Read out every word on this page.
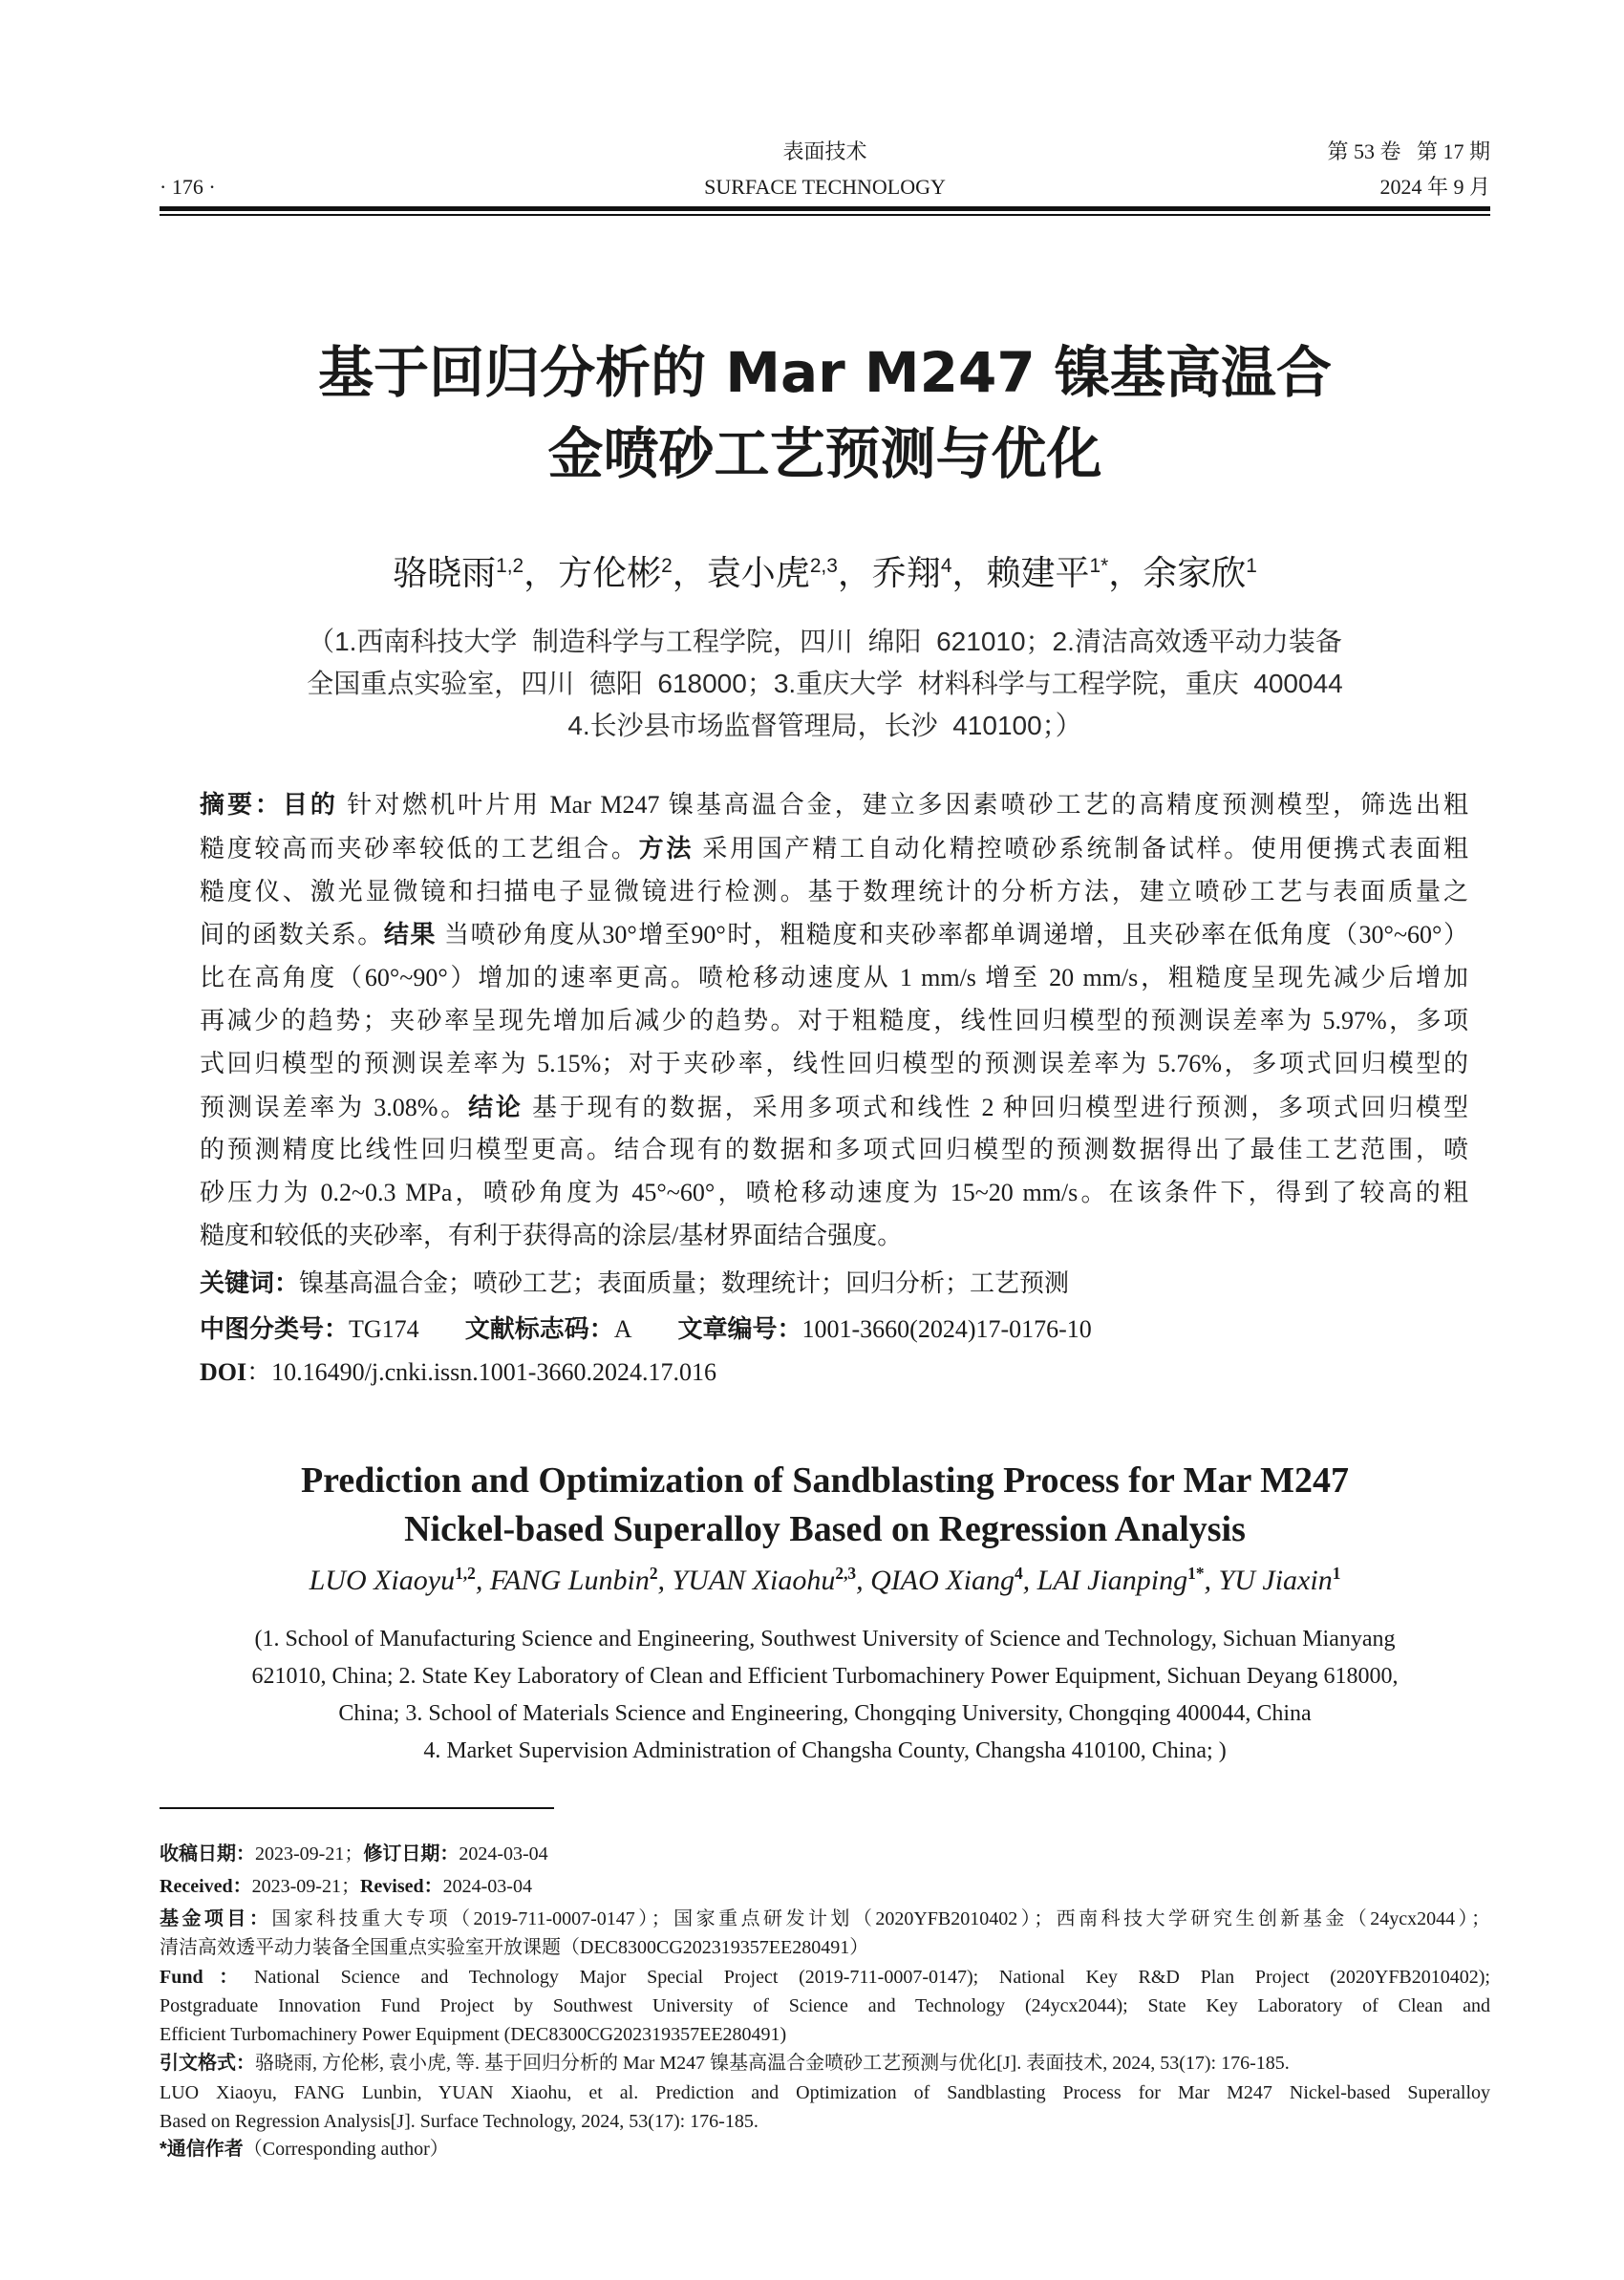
· 176 ·
表面技术
SURFACE TECHNOLOGY
第 53 卷   第 17 期
2024 年 9 月
基于回归分析的 Mar M247 镍基高温合
金喷砂工艺预测与优化
骆晓雨$^{1,2}$，方伦彬$^2$，袁小虎$^{2,3}$，乔翔$^4$，赖建平$^{1*}$，余家欣$^1$
（1.西南科技大学  制造科学与工程学院，四川  绵阳  621010；2.清洁高效透平动力装备
全国重点实验室，四川  德阳  618000；3.重庆大学  材料科学与工程学院，重庆  400044
4.长沙县市场监督管理局，长沙  410100；）
摘要：目的 针对燃机叶片用 Mar M247 镍基高温合金，建立多因素喷砂工艺的高精度预测模型，筛选出粗
糙度较高而夹砂率较低的工艺组合。方法 采用国产精工自动化精控喷砂系统制备试样。使用便携式表面粗
糙度仪、激光显微镜和扫描电子显微镜进行检测。基于数理统计的分析方法，建立喷砂工艺与表面质量之
间的函数关系。结果 当喷砂角度从30°增至90°时，粗糙度和夹砂率都单调递增，且夹砂率在低角度（30°~60°）
比在高角度（60°~90°）增加的速率更高。喷枪移动速度从 1 mm/s 增至 20 mm/s，粗糙度呈现先减少后增加
再减少的趋势；夹砂率呈现先增加后减少的趋势。对于粗糙度，线性回归模型的预测误差率为 5.97%，多项
式回归模型的预测误差率为 5.15%；对于夹砂率，线性回归模型的预测误差率为 5.76%，多项式回归模型的
预测误差率为 3.08%。结论 基于现有的数据，采用多项式和线性 2 种回归模型进行预测，多项式回归模型
的预测精度比线性回归模型更高。结合现有的数据和多项式回归模型的预测数据得出了最佳工艺范围，喷
砂压力为 0.2~0.3 MPa，喷砂角度为 45°~60°，喷枪移动速度为 15~20 mm/s。在该条件下，得到了较高的粗
糙度和较低的夹砂率，有利于获得高的涂层/基材界面结合强度。
关键词：镍基高温合金；喷砂工艺；表面质量；数理统计；回归分析；工艺预测
中图分类号：TG174 文献标志码：A 文章编号：1001-3660(2024)17-0176-10
DOI：10.16490/j.cnki.issn.1001-3660.2024.17.016
Prediction and Optimization of Sandblasting Process for Mar M247
Nickel-based Superalloy Based on Regression Analysis
LUO Xiaoyu$^{1,2}$, FANG Lunbin$^2$, YUAN Xiaohu$^{2,3}$, QIAO Xiang$^4$, LAI Jianping$^{1*}$, YU Jiaxin$^1$
(1. School of Manufacturing Science and Engineering, Southwest University of Science and Technology, Sichuan Mianyang
621010, China; 2. State Key Laboratory of Clean and Efficient Turbomachinery Power Equipment, Sichuan Deyang 618000,
China; 3. School of Materials Science and Engineering, Chongqing University, Chongqing 400044, China
4. Market Supervision Administration of Changsha County, Changsha 410100, China; )
收稿日期：2023-09-21；修订日期：2024-03-04
Received：2023-09-21；Revised：2024-03-04
基金项目：国家科技重大专项（2019-711-0007-0147）；国家重点研发计划（2020YFB2010402）；西南科技大学研究生创新基金（24ycx2044）；
清洁高效透平动力装备全国重点实验室开放课题（DEC8300CG202319357EE280491）
Fund：National Science and Technology Major Special Project (2019-711-0007-0147); National Key R&D Plan Project (2020YFB2010402);
Postgraduate Innovation Fund Project by Southwest University of Science and Technology (24ycx2044); State Key Laboratory of Clean and
Efficient Turbomachinery Power Equipment (DEC8300CG202319357EE280491)
引文格式：骆晓雨, 方伦彬, 袁小虎, 等. 基于回归分析的 Mar M247 镍基高温合金喷砂工艺预测与优化[J]. 表面技术, 2024, 53(17): 176-185.
LUO Xiaoyu, FANG Lunbin, YUAN Xiaohu, et al. Prediction and Optimization of Sandblasting Process for Mar M247 Nickel-based Superalloy
Based on Regression Analysis[J]. Surface Technology, 2024, 53(17): 176-185.
*通信作者（Corresponding author）
